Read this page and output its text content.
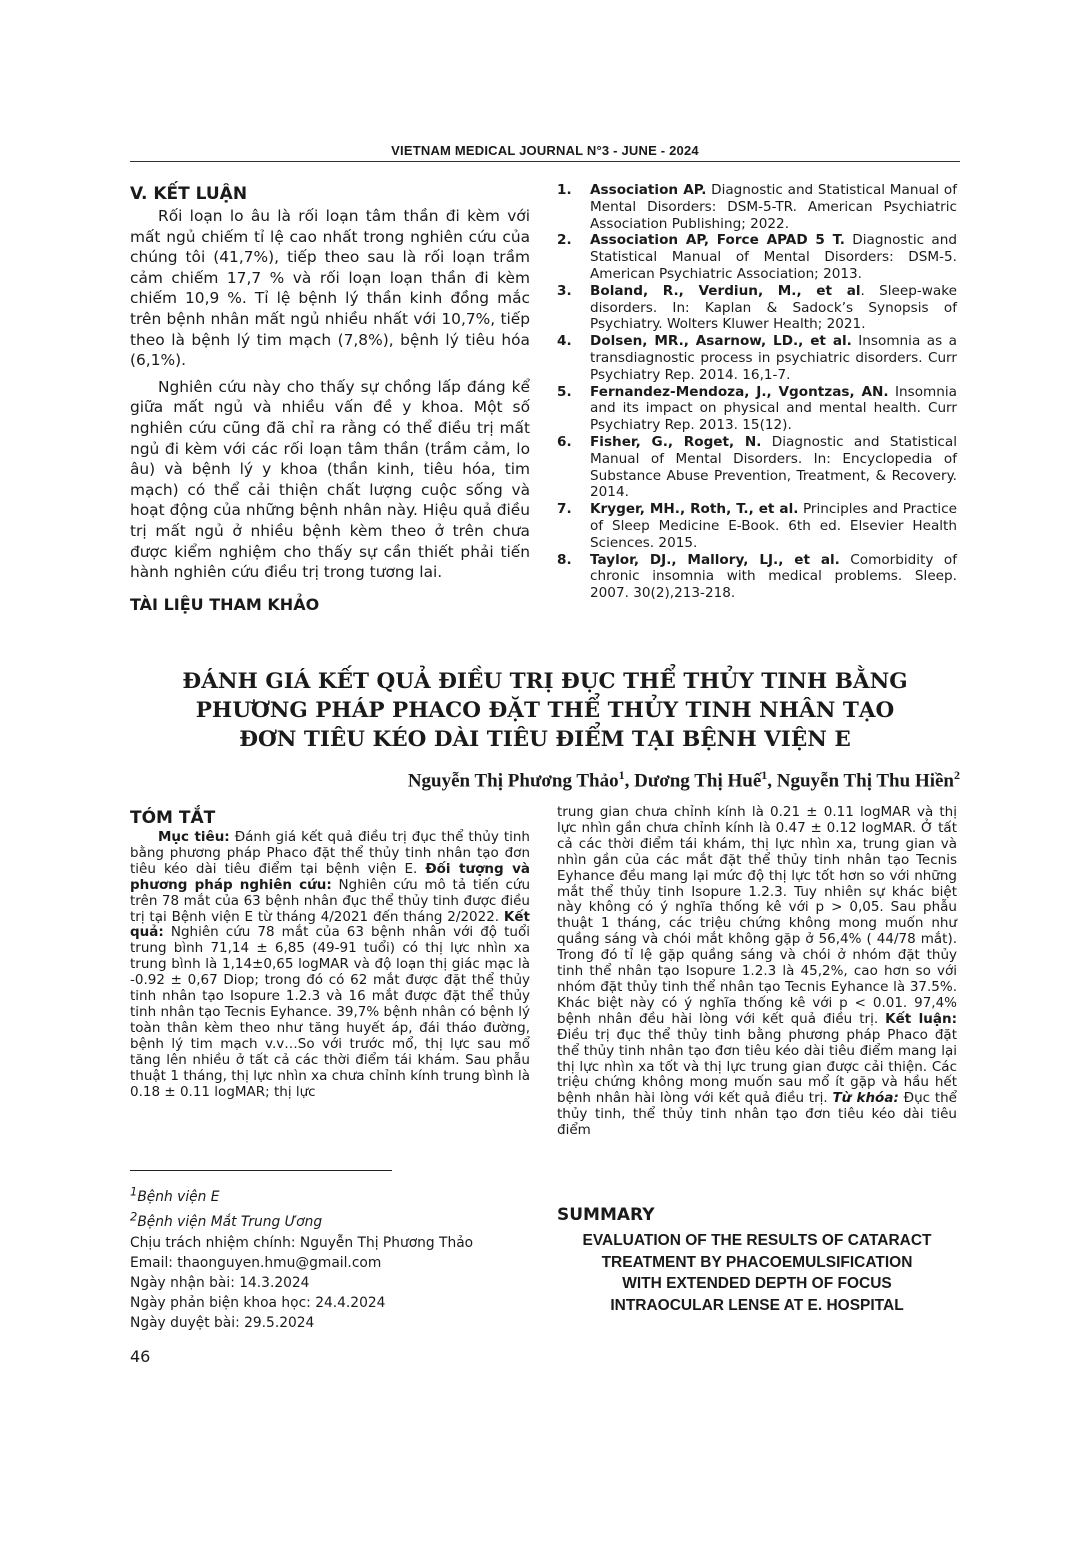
VIETNAM MEDICAL JOURNAL N°3 - JUNE - 2024
V. KẾT LUẬN

Rối loạn lo âu là rối loạn tâm thần đi kèm với mất ngủ chiếm tỉ lệ cao nhất trong nghiên cứu của chúng tôi (41,7%), tiếp theo sau là rối loạn trầm cảm chiếm 17,7 % và rối loạn loạn thần đi kèm chiếm 10,9 %. Tỉ lệ bệnh lý thần kinh đồng mắc trên bệnh nhân mất ngủ nhiều nhất với 10,7%, tiếp theo là bệnh lý tim mạch (7,8%), bệnh lý tiêu hóa (6,1%).

Nghiên cứu này cho thấy sự chồng lấp đáng kể giữa mất ngủ và nhiều vấn đề y khoa. Một số nghiên cứu cũng đã chỉ ra rằng có thể điều trị mất ngủ đi kèm với các rối loạn tâm thần (trầm cảm, lo âu) và bệnh lý y khoa (thần kinh, tiêu hóa, tim mạch) có thể cải thiện chất lượng cuộc sống và hoạt động của những bệnh nhân này. Hiệu quả điều trị mất ngủ ở nhiều bệnh kèm theo ở trên chưa được kiểm nghiệm cho thấy sự cần thiết phải tiến hành nghiên cứu điều trị trong tương lai.

TÀI LIỆU THAM KHẢO
1. Association AP. Diagnostic and Statistical Manual of Mental Disorders: DSM-5-TR. American Psychiatric Association Publishing; 2022.
2. Association AP, Force APAD 5 T. Diagnostic and Statistical Manual of Mental Disorders: DSM-5. American Psychiatric Association; 2013.
3. Boland, R., Verdiun, M., et al. Sleep-wake disorders. In: Kaplan & Sadock’s Synopsis of Psychiatry. Wolters Kluwer Health; 2021.
4. Dolsen, MR., Asarnow, LD., et al. Insomnia as a transdiagnostic process in psychiatric disorders. Curr Psychiatry Rep. 2014. 16,1-7.
5. Fernandez-Mendoza, J., Vgontzas, AN. Insomnia and its impact on physical and mental health. Curr Psychiatry Rep. 2013. 15(12).
6. Fisher, G., Roget, N. Diagnostic and Statistical Manual of Mental Disorders. In: Encyclopedia of Substance Abuse Prevention, Treatment, & Recovery. 2014.
7. Kryger, MH., Roth, T., et al. Principles and Practice of Sleep Medicine E-Book. 6th ed. Elsevier Health Sciences. 2015.
8. Taylor, DJ., Mallory, LJ., et al. Comorbidity of chronic insomnia with medical problems. Sleep. 2007. 30(2),213-218.
ĐÁNH GIÁ KẾT QUẢ ĐIỀU TRỊ ĐỤC THỂ THỦY TINH BẰNG
PHƯƠNG PHÁP PHACO ĐẶT THỂ THỦY TINH NHÂN TẠO
ĐƠN TIÊU KÉO DÀI TIÊU ĐIỂM TẠI BỆNH VIỆN E
Nguyễn Thị Phương Thảo$^1$, Dương Thị Huế$^1$, Nguyễn Thị Thu Hiền$^2$
TÓM TẮT
Mục tiêu: Đánh giá kết quả điều trị đục thể thủy tinh bằng phương pháp Phaco đặt thể thủy tinh nhân tạo đơn tiêu kéo dài tiêu điểm tại bệnh viện E. Đối tượng và phương pháp nghiên cứu: Nghiên cứu mô tả tiến cứu trên 78 mắt của 63 bệnh nhân đục thể thủy tinh được điều trị tại Bệnh viện E từ tháng 4/2021 đến tháng 2/2022. Kết quả: Nghiên cứu 78 mắt của 63 bệnh nhân với độ tuổi trung bình 71,14 ± 6,85 (49-91 tuổi) có thị lực nhìn xa trung bình là 1,14±0,65 logMAR và độ loạn thị giác mạc là -0.92 ± 0,67 Diop; trong đó có 62 mắt được đặt thể thủy tinh nhân tạo Isopure 1.2.3 và 16 mắt được đặt thể thủy tinh nhân tạo Tecnis Eyhance. 39,7% bệnh nhân có bệnh lý toàn thân kèm theo như tăng huyết áp, đái tháo đường, bệnh lý tim mạch v.v…So với trước mổ, thị lực sau mổ tăng lên nhiều ở tất cả các thời điểm tái khám. Sau phẫu thuật 1 tháng, thị lực nhìn xa chưa chỉnh kính trung bình là 0.18 ± 0.11 logMAR; thị lực
trung gian chưa chỉnh kính là 0.21 ± 0.11 logMAR và thị lực nhìn gần chưa chỉnh kính là 0.47 ± 0.12 logMAR. Ở tất cả các thời điểm tái khám, thị lực nhìn xa, trung gian và nhìn gần của các mắt đặt thể thủy tinh nhân tạo Tecnis Eyhance đều mang lại mức độ thị lực tốt hơn so với những mắt thể thủy tinh Isopure 1.2.3. Tuy nhiên sự khác biệt này không có ý nghĩa thống kê với p > 0,05. Sau phẫu thuật 1 tháng, các triệu chứng không mong muốn như quầng sáng và chói mắt không gặp ở 56,4% ( 44/78 mắt). Trong đó tỉ lệ gặp quầng sáng và chói ở nhóm đặt thủy tinh thể nhân tạo Isopure 1.2.3 là 45,2%, cao hơn so với nhóm đặt thủy tinh thể nhân tạo Tecnis Eyhance là 37.5%. Khác biệt này có ý nghĩa thống kê với p < 0.01. 97,4% bệnh nhân đều hài lòng với kết quả điều trị. Kết luận: Điều trị đục thể thủy tinh bằng phương pháp Phaco đặt thể thủy tinh nhân tạo đơn tiêu kéo dài tiêu điểm mang lại thị lực nhìn xa tốt và thị lực trung gian được cải thiện. Các triệu chứng không mong muốn sau mổ ít gặp và hầu hết bệnh nhân hài lòng với kết quả điều trị. Từ khóa: Đục thể thủy tinh, thể thủy tinh nhân tạo đơn tiêu kéo dài tiêu điểm
$^1$Bệnh viện E
$^2$Bệnh viện Mắt Trung Ương
Chịu trách nhiệm chính: Nguyễn Thị Phương Thảo
Email: thaonguyen.hmu@gmail.com
Ngày nhận bài: 14.3.2024
Ngày phản biện khoa học: 24.4.2024
Ngày duyệt bài: 29.5.2024
SUMMARY
EVALUATION OF THE RESULTS OF CATARACT
TREATMENT BY PHACOEMULSIFICATION
WITH EXTENDED DEPTH OF FOCUS
INTRAOCULAR LENSE AT E. HOSPITAL
46
